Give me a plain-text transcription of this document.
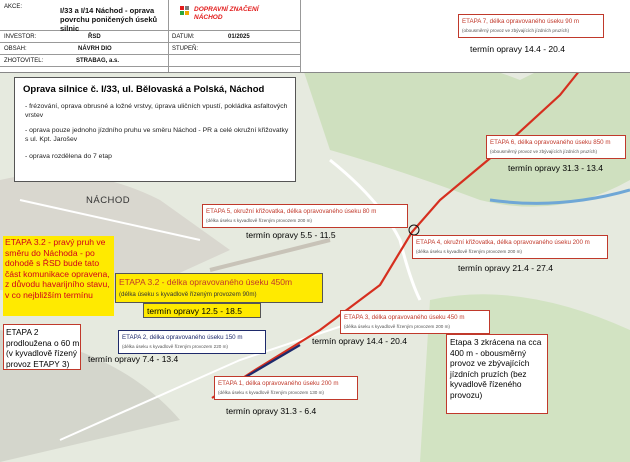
AKCE:	I/33 a I/14 Náchod - oprava povrchu poničených úseků silnic
INVESTOR:	ŘSD
OBSAH:	NÁVRH DIO
ZHOTOVITEL:	STRABAG, a.s.
DATUM:	01/2025
STUPEŇ:
DOPRAVNÍ ZNAČENÍ NÁCHOD
Oprava silnice č. I/33, ul. Bělovaská a Polská, Náchod
- frézování, oprava obrusné a ložné vrstvy, úprava uličních vpustí, pokládka asfaltových vrstev
- oprava pouze jednoho jízdního pruhu ve směru Náchod - PR a celé okružní křižovatky s ul. Kpt. Jarošev
- oprava rozdělena do 7 etap
NÁCHOD
ETAPA 7, délka opravovaného úseku 90 m
(obousměrný provoz ve zbývajících jízdních pruzích)
termín opravy 14.4 - 20.4
ETAPA 6, délka opravovaného úseku 850 m
(obousměrný provoz ve zbývajících jízdních pruzích)
termín opravy 31.3 - 13.4
ETAPA 5, okružní křižovatka, délka opravovaného úseku 80 m
(délka úseku s kyvadlově řízeným provozem 200 m)
termín opravy 5.5 - 11.5
ETAPA 4, okružní křižovatka, délka opravovaného úseku 200 m
(délka úseku s kyvadlově řízeným provozem 200 m)
termín opravy 21.4 - 27.4
ETAPA 3, délka opravovaného úseku 450 m
(délka úseku s kyvadlově řízeným provozem 200 m)
termín opravy 14.4 - 20.4
ETAPA 2, délka opravovaného úseku 150 m
(délka úseku s kyvadlově řízeným provozem 220 m)
termín opravy 7.4 - 13.4
ETAPA 1, délka opravovaného úseku 200 m
(délka úseku s kyvadlově řízeným provozem 130 m)
termín opravy 31.3 - 6.4
ETAPA 3.2 - délka opravovaného úseku 450m
(délka úseku s kyvadlově řízeným provozem 90m)
termín opravy 12.5 - 18.5
ETAPA 3.2 - pravý pruh ve směru do Náchoda - po dohodě s ŘSD bude tato část komunikace opravena, z důvodu havarijního stavu, v co nejbližším termínu
ETAPA 2 prodloužena o 60 m (v kyvadlově řízený provoz ETAPY 3)
Etapa 3 zkrácena na cca 400 m - obousměrný provoz ve zbývajících jízdních pruzích (bez kyvadlově řízeného provozu)
